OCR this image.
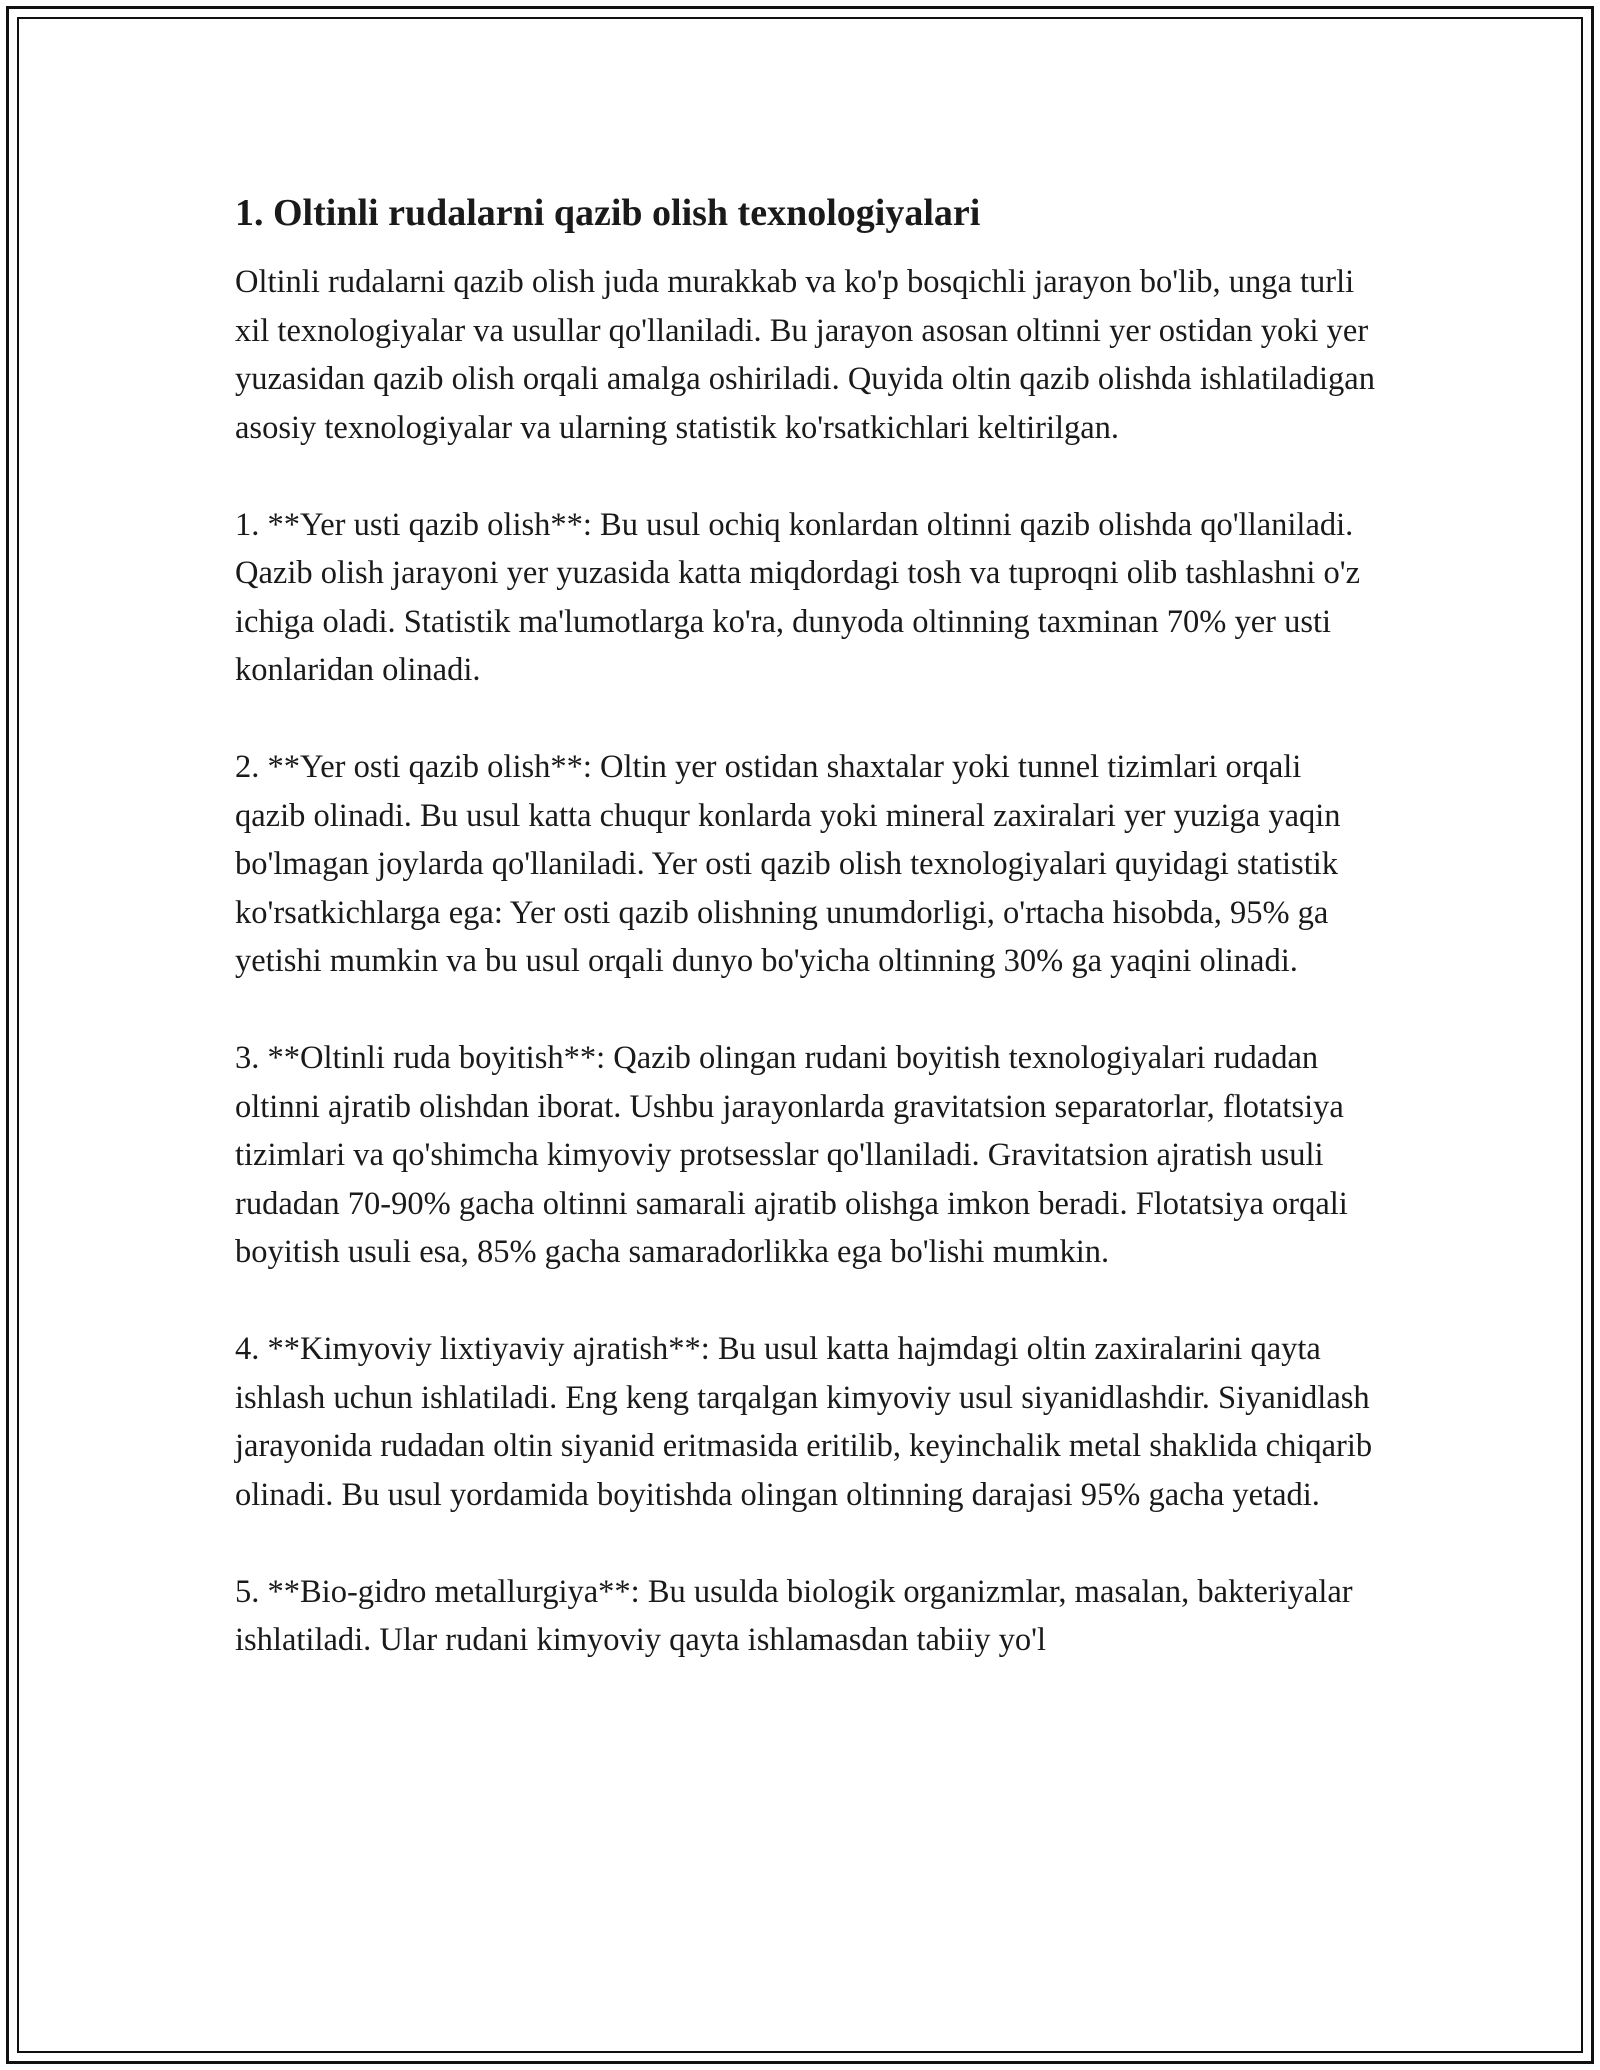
1. Oltinli rudalarni qazib olish texnologiyalari

Oltinli rudalarni qazib olish juda murakkab va ko'p bosqichli jarayon bo'lib, unga turli xil texnologiyalar va usullar qo'llaniladi. Bu jarayon asosan oltinni yer ostidan yoki yer yuzasidan qazib olish orqali amalga oshiriladi. Quyida oltin qazib olishda ishlatiladigan asosiy texnologiyalar va ularning statistik ko'rsatkichlari keltirilgan.

1. **Yer usti qazib olish**: Bu usul ochiq konlardan oltinni qazib olishda qo'llaniladi. Qazib olish jarayoni yer yuzasida katta miqdordagi tosh va tuproqni olib tashlashni o'z ichiga oladi. Statistik ma'lumotlarga ko'ra, dunyoda oltinning taxminan 70% yer usti konlaridan olinadi.

2. **Yer osti qazib olish**: Oltin yer ostidan shaxtalar yoki tunnel tizimlari orqali qazib olinadi. Bu usul katta chuqur konlarda yoki mineral zaxiralari yer yuziga yaqin bo'lmagan joylarda qo'llaniladi. Yer osti qazib olish texnologiyalari quyidagi statistik ko'rsatkichlarga ega: Yer osti qazib olishning unumdorligi, o'rtacha hisobda, 95% ga yetishi mumkin va bu usul orqali dunyo bo'yicha oltinning 30% ga yaqini olinadi.

3. **Oltinli ruda boyitish**: Qazib olingan rudani boyitish texnologiyalari rudadan oltinni ajratib olishdan iborat. Ushbu jarayonlarda gravitatsion separatorlar, flotatsiya tizimlari va qo'shimcha kimyoviy protsesslar qo'llaniladi. Gravitatsion ajratish usuli rudadan 70-90% gacha oltinni samarali ajratib olishga imkon beradi. Flotatsiya orqali boyitish usuli esa, 85% gacha samaradorlikka ega bo'lishi mumkin.

4. **Kimyoviy lixtiyaviy ajratish**: Bu usul katta hajmdagi oltin zaxiralarini qayta ishlash uchun ishlatiladi. Eng keng tarqalgan kimyoviy usul siyanidlashdir. Siyanidlash jarayonida rudadan oltin siyanid eritmasida eritilib, keyinchalik metal shaklida chiqarib olinadi. Bu usul yordamida boyitishda olingan oltinning darajasi 95% gacha yetadi.

5. **Bio-gidro metallurgiya**: Bu usulda biologik organizmlar, masalan, bakteriyalar ishlatiladi. Ular rudani kimyoviy qayta ishlamasdan tabiiy yo'l
